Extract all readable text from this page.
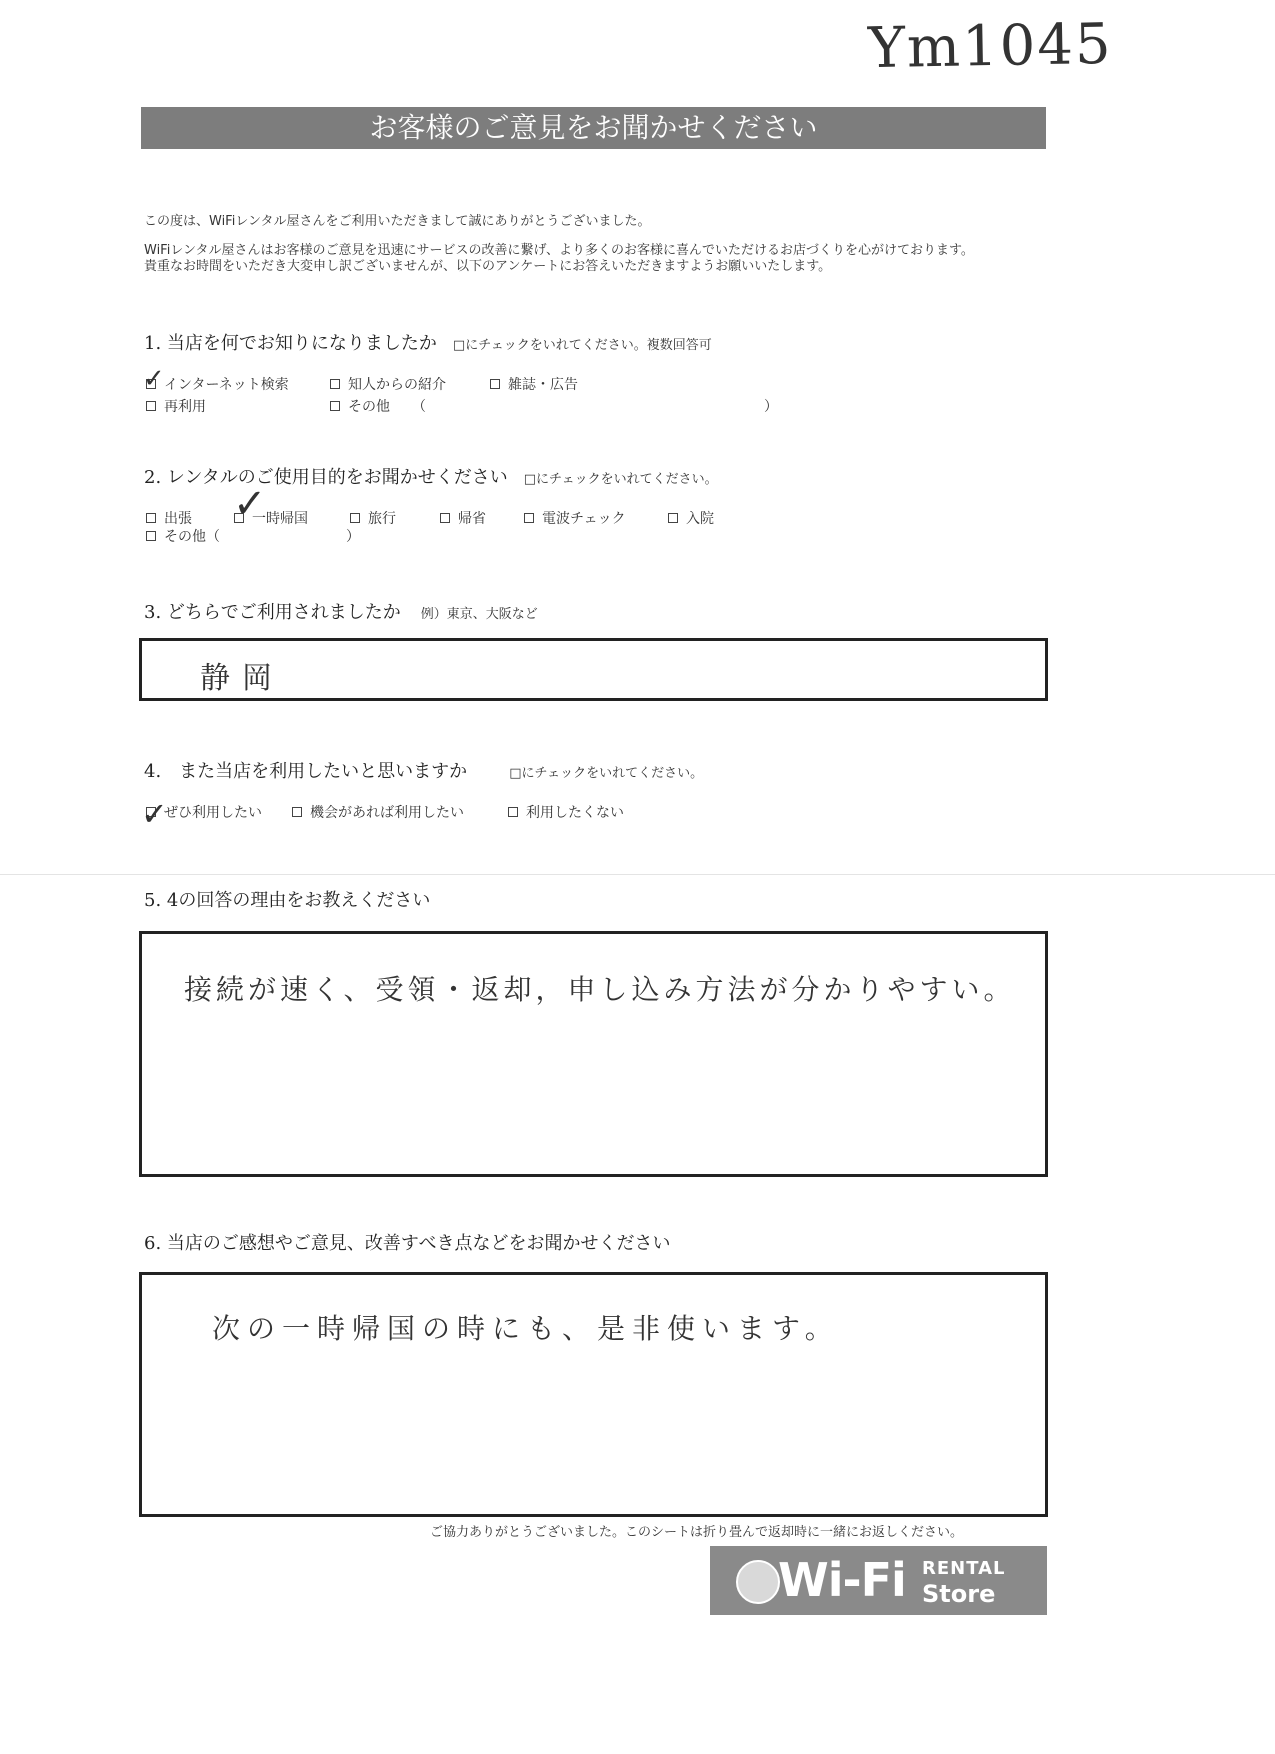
Ym1045
お客様のご意見をお聞かせください
この度は、WiFiレンタル屋さんをご利用いただきまして誠にありがとうございました。
WiFiレンタル屋さんはお客様のご意見を迅速にサービスの改善に繋げ、より多くのお客様に喜んでいただけるお店づくりを心がけております。
貴重なお時間をいただき大変申し訳ございませんが、以下のアンケートにお答えいただきますようお願いいたします。
1. 当店を何でお知りになりましたか □にチェックをいれてください。複数回答可
✓ インターネット検索	知人からの紹介	雑誌・広告
再利用	その他 （	）
2. レンタルのご使用目的をお聞かせください □にチェックをいれてください。
出張 ✓
一時帰国	旅行	帰省	電波チェック	入院
その他（	）
3. どちらでご利用されましたか 例）東京、大阪など
静岡
4.　また当店を利用したいと思いますか	□にチェックをいれてください。
✓
ぜひ利用したい	機会があれば利用したい	利用したくない
5. 4の回答の理由をお教えください
接続が速く、受領・返却，申し込み方法が分かりやすい。
6. 当店のご感想やご意見、改善すべき点などをお聞かせください
次の一時帰国の時にも、是非使います。
ご協力ありがとうございました。このシートは折り畳んで返却時に一緒にお返しください。
Wi-Fi RENTAL
Store
